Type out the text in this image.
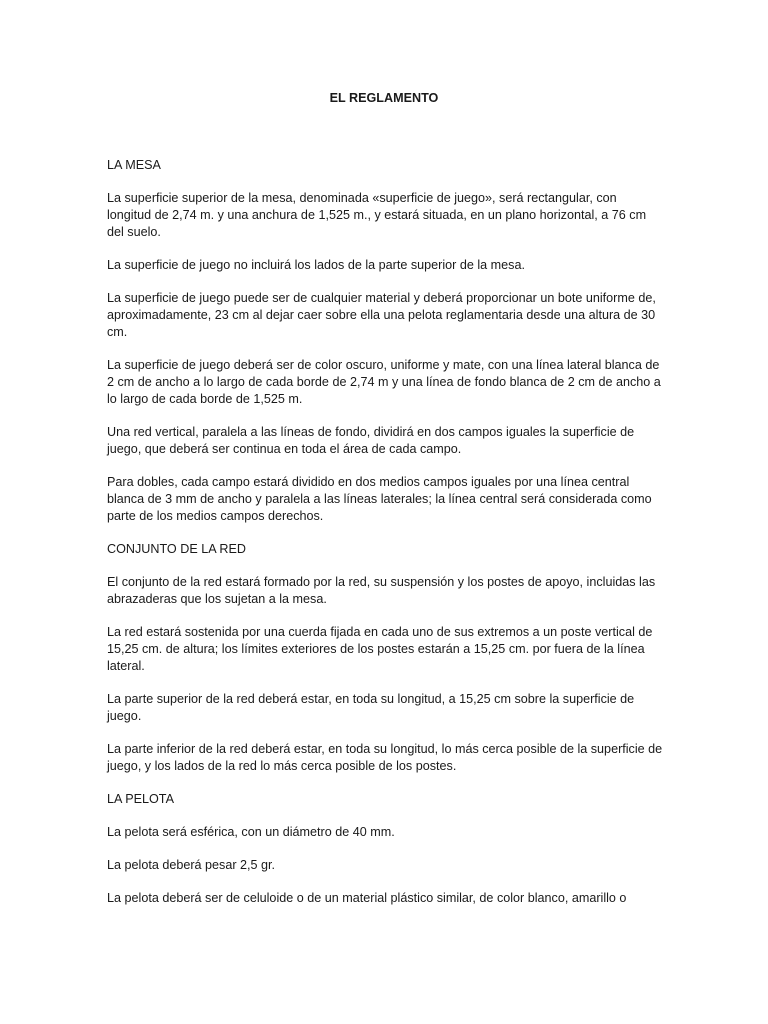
EL REGLAMENTO

LA MESA

La superficie superior de la mesa, denominada «superficie de juego», será rectangular, con longitud de 2,74 m. y una anchura de 1,525 m., y estará situada, en un plano horizontal, a 76 cm del suelo.

La superficie de juego no incluirá los lados de la parte superior de la mesa.

La superficie de juego puede ser de cualquier material y deberá proporcionar un bote uniforme de, aproximadamente, 23 cm al dejar caer sobre ella una pelota reglamentaria desde una altura de 30 cm.

La superficie de juego deberá ser de color oscuro, uniforme y mate, con una línea lateral blanca de 2 cm de ancho a lo largo de cada borde de 2,74 m y una línea de fondo blanca de 2 cm de ancho a lo largo de cada borde de 1,525 m.

Una red vertical, paralela a las líneas de fondo, dividirá en dos campos iguales la superficie de juego, que deberá ser continua en toda el área de cada campo.

Para dobles, cada campo estará dividido en dos medios campos iguales por una línea central blanca de 3 mm de ancho y paralela a las líneas laterales; la línea central será considerada como parte de los medios campos derechos.

CONJUNTO DE LA RED

El conjunto de la red estará formado por la red, su suspensión y los postes de apoyo, incluidas las abrazaderas que los sujetan a la mesa.

La red estará sostenida por una cuerda fijada en cada uno de sus extremos a un poste vertical de 15,25 cm. de altura; los límites exteriores de los postes estarán a 15,25 cm. por fuera de la línea lateral.

La parte superior de la red deberá estar, en toda su longitud, a 15,25 cm sobre la superficie de juego.

La parte inferior de la red deberá estar, en toda su longitud, lo más cerca posible de la superficie de juego, y los lados de la red lo más cerca posible de los postes.

LA PELOTA

La pelota será esférica, con un diámetro de 40 mm.

La pelota deberá pesar 2,5 gr.

La pelota deberá ser de celuloide o de un material plástico similar, de color blanco, amarillo o
